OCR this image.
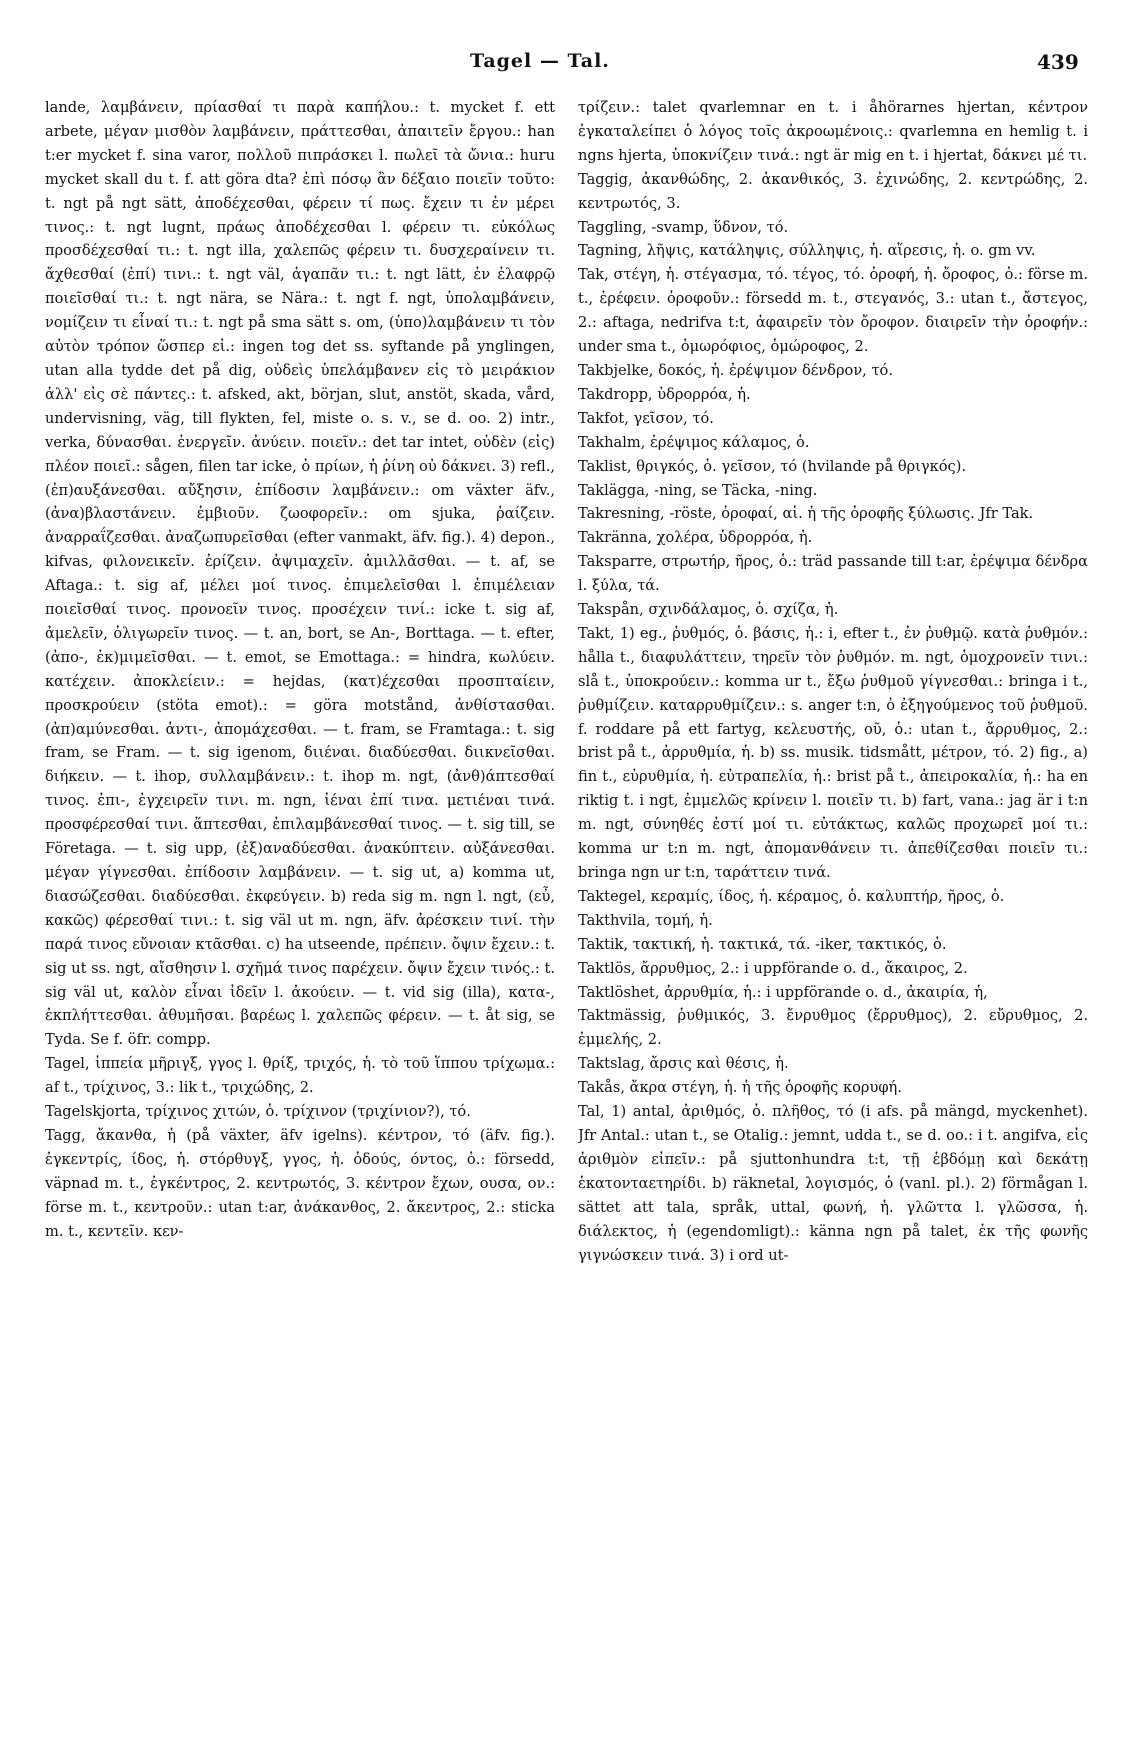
Tagel — Tal.	439

lande, λαμβάνειν, πρίασθαί τι παρὰ καπήλου.: t. mycket f. ett arbete, μέγαν μισθὸν λαμβάνειν, πράττεσθαι, ἀπαιτεῖν ἔργου.: han t:er mycket f. sina varor, πολλοῦ πιπράσκει l. πωλεῖ τὰ ὤνια.: huru mycket skall du t. f. att göra dta? ἐπὶ πόσῳ ἂν δέξαιο ποιεῖν τοῦτο: t. ngt på ngt sätt, ἀποδέχεσθαι, φέρειν τί πως. ἔχειν τι ἐν μέρει τινος.: t. ngt lugnt, πράως ἀποδέχεσθαι l. φέρειν τι. εὐκόλως προσδέχεσθαί τι.: t. ngt illa, χαλεπῶς φέρειν τι. δυσχεραίνειν τι. ἄχθεσθαί (ἐπί) τινι.: t. ngt väl, ἀγαπᾶν τι.: t. ngt lätt, ἐν ἐλαφρῷ ποιεῖσθαί τι.: t. ngt nära, se Nära.: t. ngt f. ngt, ὑπολαμβάνειν, νομίζειν τι εἶναί τι.: t. ngt på sma sätt s. om, (ὑπο)λαμβάνειν τι τὸν αὐτὸν τρόπον ὥσπερ εἰ.: ingen tog det ss. syftande på ynglingen, utan alla tydde det på dig, οὐδεὶς ὑπελάμβανεν εἰς τὸ μειράκιον ἀλλ' εἰς σὲ πάντες.: t. afsked, akt, början, slut, anstöt, skada, vård, undervisning, väg, till flykten, fel, miste o. s. v., se d. oo. 2) intr., verka, δύνασθαι. ἐνεργεῖν. ἀνύειν. ποιεῖν.: det tar intet, οὐδὲν (εἰς) πλέον ποιεῖ.: sågen, filen tar icke, ὁ πρίων, ἡ ῥίνη οὐ δάκνει. 3) refl., (ἐπ)αυξάνεσθαι. αὔξησιν, ἐπίδοσιν λαμβάνειν.: om växter äfv., (ἀνα)βλαστάνειν. ἐμβιοῦν. ζωοφορεῖν.: om sjuka, ῥαίζειν. ἀναρραΐζεσθαι. ἀναζωπυρεῖσθαι (efter vanmakt, äfv. fig.). 4) depon., kifvas, φιλονεικεῖν. ἐρίζειν. ἀψιμαχεῖν. ἁμιλλᾶσθαι. — t. af, se Aftaga.: t. sig af, μέλει μοί τινος. ἐπιμελεῖσθαι l. ἐπιμέλειαν ποιεῖσθαί τινος. προνοεῖν τινος. προσέχειν τινί.: icke t. sig af, ἀμελεῖν, ὀλιγωρεῖν τινος. — t. an, bort, se An-, Borttaga. — t. efter, (ἀπο-, ἐκ)μιμεῖσθαι. — t. emot, se Emottaga.: = hindra, κωλύειν. κατέχειν. ἀποκλείειν.: = hejdas, (κατ)έχεσθαι προσπταίειν, προσκρούειν (stöta emot).: = göra motstånd, ἀνθίστασθαι. (ἀπ)αμύνεσθαι. ἀντι-, ἀπομάχεσθαι. — t. fram, se Framtaga.: t. sig fram, se Fram. — t. sig igenom, διιέναι. διαδύεσθαι. διικνεῖσθαι. διήκειν. — t. ihop, συλλαμβάνειν.: t. ihop m. ngt, (ἀνθ)άπτεσθαί τινος. ἐπι-, ἐγχειρεῖν τινι. m. ngn, ἰέναι ἐπί τινα. μετιέναι τινά. προσφέρεσθαί τινι. ἅπτεσθαι, ἐπιλαμβάνεσθαί τινος. — t. sig till, se Företaga. — t. sig upp, (ἐξ)αναδύεσθαι. ἀνακύπτειν. αὐξάνεσθαι. μέγαν γίγνεσθαι. ἐπίδοσιν λαμβάνειν. — t. sig ut, a) komma ut, διασώζεσθαι. διαδύεσθαι. ἐκφεύγειν. b) reda sig m. ngn l. ngt, (εὖ, κακῶς) φέρεσθαί τινι.: t. sig väl ut m. ngn, äfv. ἀρέσκειν τινί. τὴν παρά τινος εὔνοιαν κτᾶσθαι. c) ha utseende, πρέπειν. ὄψιν ἔχειν.: t. sig ut ss. ngt, αἴσθησιν l. σχῆμά τινος παρέχειν. ὄψιν ἔχειν τινός.: t. sig väl ut, καλὸν εἶναι ἰδεῖν l. ἀκούειν. — t. vid sig (illa), κατα-, ἐκπλήττεσθαι. ἀθυμῆσαι. βαρέως l. χαλεπῶς φέρειν. — t. åt sig, se Tyda. Se f. öfr. compp.

Tagel, ἱππεία μῆριγξ, γγος l. θρίξ, τριχός, ἡ. τὸ τοῦ ἵππου τρίχωμα.: af t., τρίχινος, 3.: lik t., τριχώδης, 2.

Tagelskjorta, τρίχινος χιτών, ὁ. τρίχινον (τριχίνιον?), τό.

Tagg, ἄκανθα, ἡ (på växter, äfv igelns). κέντρον, τό (äfv. fig.). ἐγκεντρίς, ίδος, ἡ. στόρθυγξ, γγος, ἡ. ὀδούς, όντος, ὁ.: försedd, väpnad m. t., ἐγκέντρος, 2. κεντρωτός, 3. κέντρον ἔχων, ουσα, ον.: förse m. t., κεντροῦν.: utan t:ar, ἀνάκανθος, 2. ἄκεντρος, 2.: sticka m. t., κεντεῖν. κεν-

τρίζειν.: talet qvarlemnar en t. i åhörarnes hjertan, κέντρον ἐγκαταλείπει ὁ λόγος τοῖς ἀκροωμένοις.: qvarlemna en hemlig t. i ngns hjerta, ὑποκνίζειν τινά.: ngt är mig en t. i hjertat, δάκνει μέ τι.

Taggig, ἀκανθώδης, 2. ἀκανθικός, 3. ἐχινώδης, 2. κεντρώδης, 2. κεντρωτός, 3.

Taggling, -svamp, ὕδνον, τό.

Tagning, λῆψις, κατάληψις, σύλληψις, ἡ. αἵρεσις, ἡ. o. gm vv.

Tak, στέγη, ἡ. στέγασμα, τό. τέγος, τό. ὀροφή, ἡ. ὄροφος, ὁ.: förse m. t., ἐρέφειν. ὀροφοῦν.: försedd m. t., στεγανός, 3.: utan t., ἄστεγος, 2.: aftaga, nedrifva t:t, ἀφαιρεῖν τὸν ὄροφον. διαιρεῖν τὴν ὀροφήν.: under sma t., ὁμωρόφιος, ὁμώροφος, 2.

Takbjelke, δοκός, ἡ. ἐρέψιμον δένδρον, τό.

Takdropp, ὑδρορρόα, ἡ.

Takfot, γεῖσον, τό.

Takhalm, ἐρέψιμος κάλαμος, ὁ.

Taklist, θριγκός, ὁ. γεῖσον, τό (hvilande på θριγκός).

Takläggа, -ning, se Täcka, -ning.

Takresning, -röste, ὀροφαί, αἱ. ἡ τῆς ὀροφῆς ξύλωσις. Jfr Tak.

Takränna, χολέρα, ὑδρορρόα, ἡ.

Taksparre, στρωτήρ, ῆρος, ὁ.: träd passande till t:ar, ἐρέψιμα δένδρα l. ξύλα, τά.

Takspån, σχινδάλαμος, ὁ. σχίζα, ἡ.

Takt, 1) eg., ῥυθμός, ὁ. βάσις, ἡ.: i, efter t., ἐν ῥυθμῷ. κατὰ ῥυθμόν.: hålla t., διαφυλάττειν, τηρεῖν τὸν ῥυθμόν. m. ngt, ὁμοχρονεῖν τινι.: slå t., ὑποκρούειν.: komma ur t., ἔξω ῥυθμοῦ γίγνεσθαι.: bringa i t., ῥυθμίζειν. καταρρυθμίζειν.: s. anger t:n, ὁ ἐξηγούμενος τοῦ ῥυθμοῦ. f. roddare på ett fartyg, κελευστής, οῦ, ὁ.: utan t., ἄρρυθμος, 2.: brist på t., ἀρρυθμία, ἡ. b) ss. musik. tidsmått, μέτρον, τό. 2) fig., a) fin t., εὐρυθμία, ἡ. εὐτραπελία, ἡ.: brist på t., ἀπειροκαλία, ἡ.: ha en riktig t. i ngt, ἐμμελῶς κρίνειν l. ποιεῖν τι. b) fart, vana.: jag är i t:n m. ngt, σύνηθές ἐστί μοί τι. εὐτάκτως, καλῶς προχωρεῖ μοί τι.: komma ur t:n m. ngt, ἀπομανθάνειν τι. ἀπεθίζεσθαι ποιεῖν τι.: bringa ngn ur t:n, ταράττειν τινά.

Taktegel, κεραμίς, ίδος, ἡ. κέραμος, ὁ. καλυπτήρ, ῆρος, ὁ.

Takthvila, τομή, ἡ.

Taktik, τακτική, ἡ. τακτικά, τά. -iker, τακτικός, ὁ.

Taktlös, ἄρρυθμος, 2.: i uppförande o. d., ἄκαιρος, 2.

Taktlöshet, ἀρρυθμία, ἡ.: i uppförande o. d., ἀκαιρία, ἡ,

Taktmässig, ῥυθμικός, 3. ἔνρυθμος (ἔρρυθμος), 2. εὔρυθμος, 2. ἐμμελής, 2.

Taktslag, ἄρσις καὶ θέσις, ἡ.

Takås, ἄκρα στέγη, ἡ. ἡ τῆς ὀροφῆς κορυφή.

Tal, 1) antal, ἀριθμός, ὁ. πλῆθος, τό (i afs. på mängd, myckenhet). Jfr Antal.: utan t., se Otalig.: jemnt, udda t., se d. oo.: i t. angifva, εἰς ἀριθμὸν εἰπεῖν.: på sjuttonhundra t:t, τῇ ἑβδόμῃ καὶ δεκάτῃ ἑκατονταετηρίδι. b) räknetal, λογισμός, ὁ (vanl. pl.). 2) förmågan l. sättet att tala, språk, uttal, φωνή, ἡ. γλῶττα l. γλῶσσα, ἡ. διάλεκτος, ἡ (egendomligt).: känna ngn på talet, ἐκ τῆς φωνῆς γιγνώσκειν τινά. 3) i ord ut-
